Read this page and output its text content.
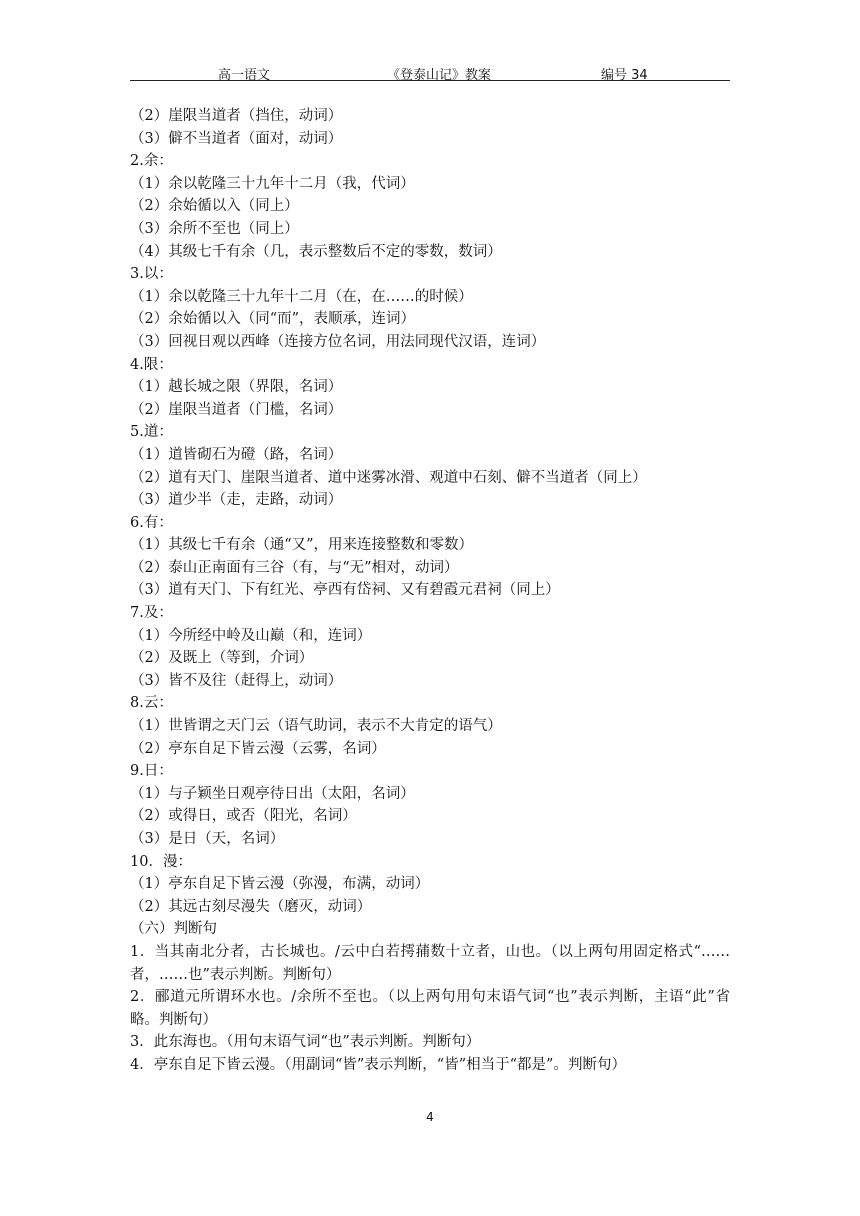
高一语文	《登泰山记》教案	编号 34
（2）崖限当道者（挡住，动词）
（3）僻不当道者（面对，动词）
2.余：
（1）余以乾隆三十九年十二月（我，代词）
（2）余始循以入（同上）
（3）余所不至也（同上）
（4）其级七千有余（几，表示整数后不定的零数，数词）
3.以：
（1）余以乾隆三十九年十二月（在，在……的时候）
（2）余始循以入（同“而”，表顺承，连词）
（3）回视日观以西峰（连接方位名词，用法同现代汉语，连词）
4.限：
（1）越长城之限（界限，名词）
（2）崖限当道者（门槛，名词）
5.道：
（1）道皆砌石为磴（路，名词）
（2）道有天门、崖限当道者、道中迷雾冰滑、观道中石刻、僻不当道者（同上）
（3）道少半（走，走路，动词）
6.有：
（1）其级七千有余（通“又”，用来连接整数和零数）
（2）泰山正南面有三谷（有，与“无”相对，动词）
（3）道有天门、下有红光、亭西有岱祠、又有碧霞元君祠（同上）
7.及：
（1）今所经中岭及山巅（和，连词）
（2）及既上（等到，介词）
（3）皆不及往（赶得上，动词）
8.云：
（1）世皆谓之天门云（语气助词，表示不大肯定的语气）
（2）亭东自足下皆云漫（云雾，名词）
9.日：
（1）与子颖坐日观亭待日出（太阳，名词）
（2）或得日，或否（阳光，名词）
（3）是日（天，名词）
10．漫：
（1）亭东自足下皆云漫（弥漫，布满，动词）
（2）其远古刻尽漫失（磨灭，动词）
（六）判断句
1．当其南北分者，古长城也。/云中白若摴蒱数十立者，山也。（以上两句用固定格式“……者，……也”表示判断。判断句）
2．郦道元所谓环水也。/余所不至也。（以上两句用句末语气词“也”表示判断，主语“此”省略。判断句）
3．此东海也。（用句末语气词“也”表示判断。判断句）
4．亭东自足下皆云漫。（用副词“皆”表示判断，“皆”相当于“都是”。判断句）
4
